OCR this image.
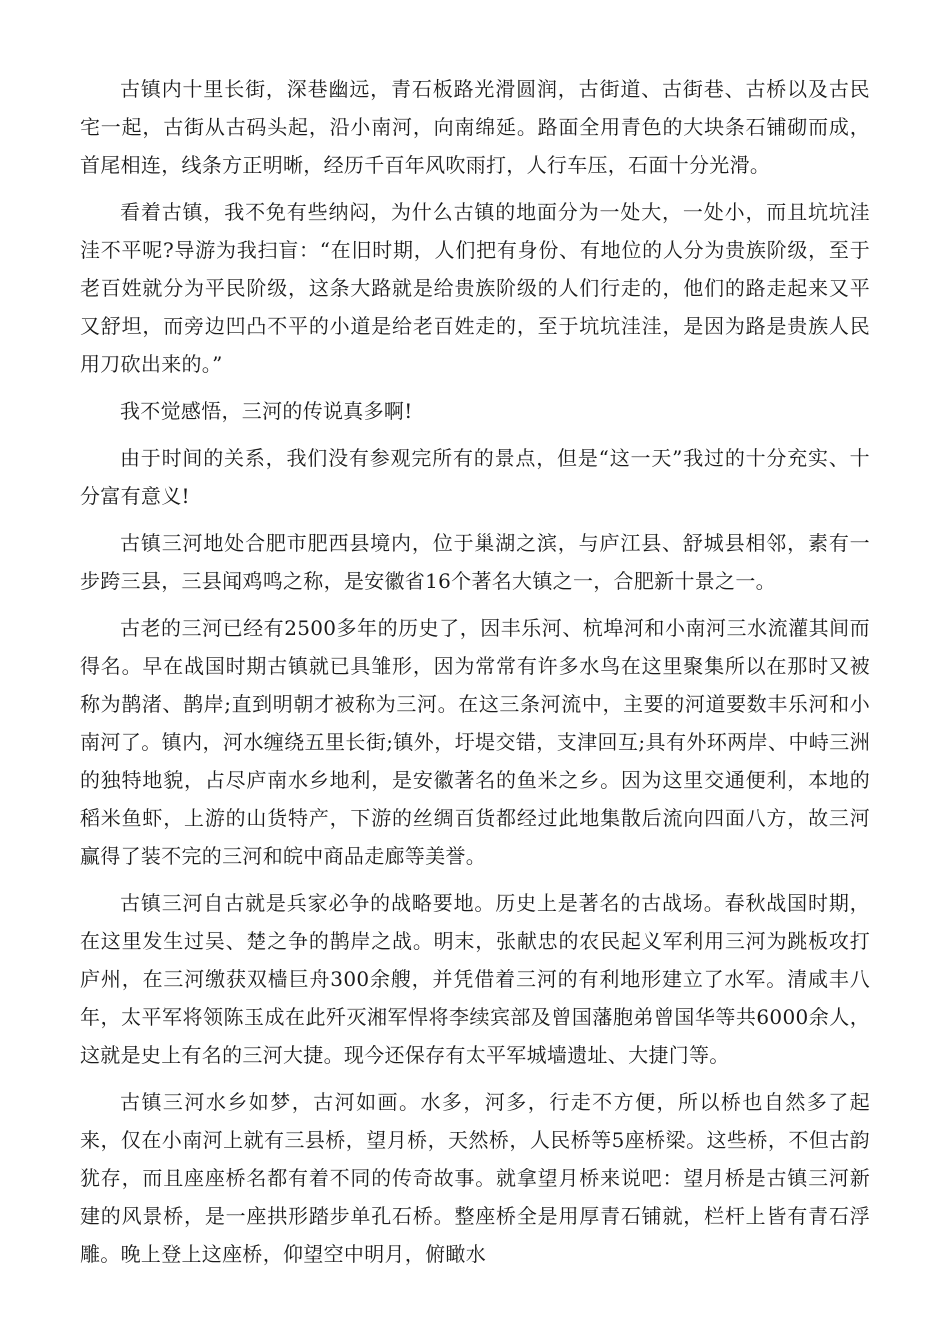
古镇内十里长街，深巷幽远，青石板路光滑圆润，古街道、古街巷、古桥以及古民宅一起，古街从古码头起，沿小南河，向南绵延。路面全用青色的大块条石铺砌而成，首尾相连，线条方正明晰，经历千百年风吹雨打，人行车压，石面十分光滑。

看着古镇，我不免有些纳闷，为什么古镇的地面分为一处大，一处小，而且坑坑洼洼不平呢?导游为我扫盲：“在旧时期，人们把有身份、有地位的人分为贵族阶级，至于老百姓就分为平民阶级，这条大路就是给贵族阶级的人们行走的，他们的路走起来又平又舒坦，而旁边凹凸不平的小道是给老百姓走的，至于坑坑洼洼，是因为路是贵族人民用刀砍出来的。”

我不觉感悟，三河的传说真多啊!

由于时间的关系，我们没有参观完所有的景点，但是“这一天”我过的十分充实、十分富有意义!

古镇三河地处合肥市肥西县境内，位于巢湖之滨，与庐江县、舒城县相邻，素有一步跨三县，三县闻鸡鸣之称，是安徽省16个著名大镇之一，合肥新十景之一。

古老的三河已经有2500多年的历史了，因丰乐河、杭埠河和小南河三水流灌其间而得名。早在战国时期古镇就已具雏形，因为常常有许多水鸟在这里聚集所以在那时又被称为鹊渚、鹊岸;直到明朝才被称为三河。在这三条河流中，主要的河道要数丰乐河和小南河了。镇内，河水缠绕五里长街;镇外，圩堤交错，支津回互;具有外环两岸、中峙三洲的独特地貌，占尽庐南水乡地利，是安徽著名的鱼米之乡。因为这里交通便利，本地的稻米鱼虾，上游的山货特产，下游的丝绸百货都经过此地集散后流向四面八方，故三河赢得了装不完的三河和皖中商品走廊等美誉。

古镇三河自古就是兵家必争的战略要地。历史上是著名的古战场。春秋战国时期，在这里发生过吴、楚之争的鹊岸之战。明末，张献忠的农民起义军利用三河为跳板攻打庐州，在三河缴获双樯巨舟300余艘，并凭借着三河的有利地形建立了水军。清咸丰八年，太平军将领陈玉成在此歼灭湘军悍将李续宾部及曾国藩胞弟曾国华等共6000余人，这就是史上有名的三河大捷。现今还保存有太平军城墙遗址、大捷门等。

古镇三河水乡如梦，古河如画。水多，河多，行走不方便，所以桥也自然多了起来，仅在小南河上就有三县桥，望月桥，天然桥，人民桥等5座桥梁。这些桥，不但古韵犹存，而且座座桥名都有着不同的传奇故事。就拿望月桥来说吧：望月桥是古镇三河新建的风景桥，是一座拱形踏步单孔石桥。整座桥全是用厚青石铺就，栏杆上皆有青石浮雕。晚上登上这座桥，仰望空中明月，俯瞰水
